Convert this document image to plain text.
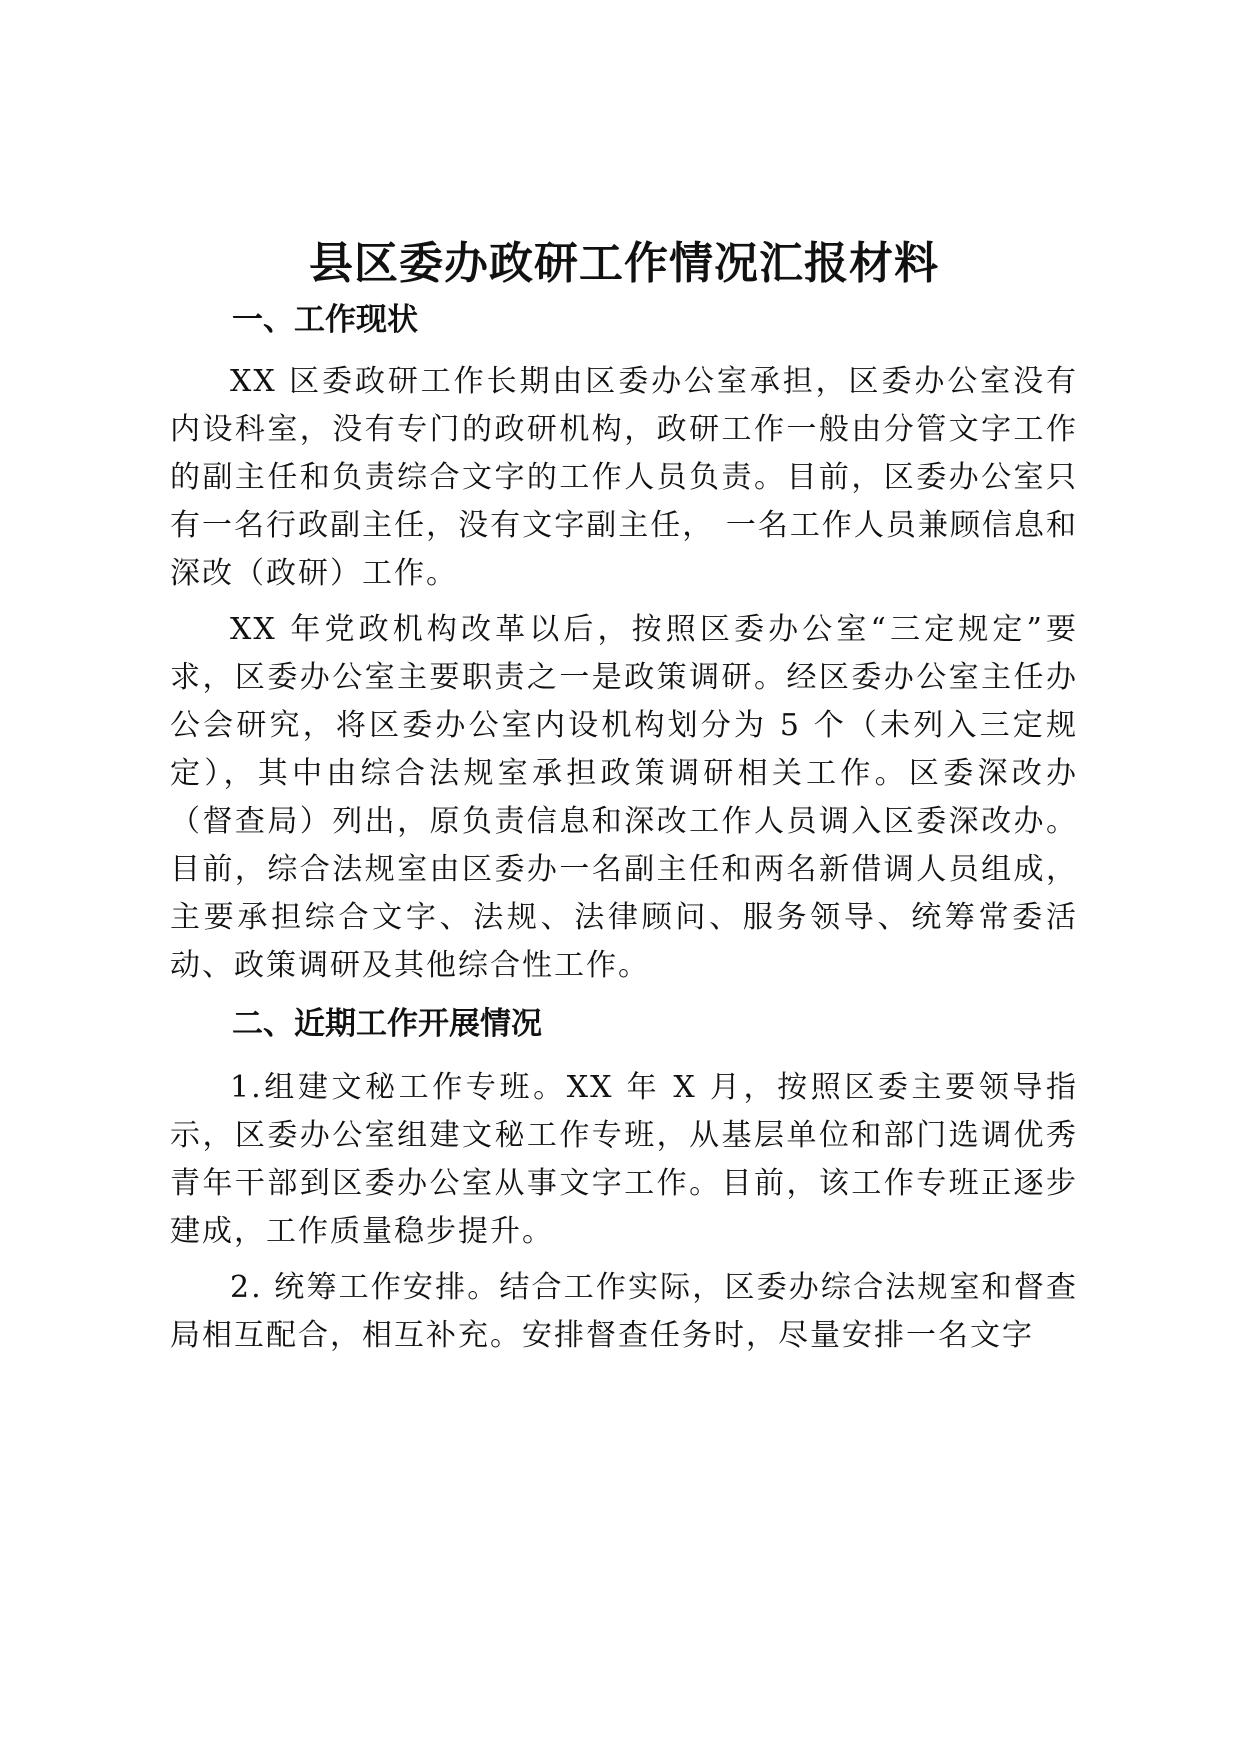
县区委办政研工作情况汇报材料
一、工作现状

XX 区委政研工作长期由区委办公室承担，区委办公室没有内设科室，没有专门的政研机构，政研工作一般由分管文字工作的副主任和负责综合文字的工作人员负责。目前，区委办公室只有一名行政副主任，没有文字副主任， 一名工作人员兼顾信息和深改（政研）工作。

XX 年党政机构改革以后，按照区委办公室“三定规定”要求，区委办公室主要职责之一是政策调研。经区委办公室主任办公会研究，将区委办公室内设机构划分为 5 个（未列入三定规定），其中由综合法规室承担政策调研相关工作。区委深改办（督查局）列出，原负责信息和深改工作人员调入区委深改办。目前，综合法规室由区委办一名副主任和两名新借调人员组成，主要承担综合文字、法规、法律顾问、服务领导、统筹常委活动、政策调研及其他综合性工作。

二、近期工作开展情况

1.组建文秘工作专班。XX 年 X 月，按照区委主要领导指示，区委办公室组建文秘工作专班，从基层单位和部门选调优秀青年干部到区委办公室从事文字工作。目前，该工作专班正逐步建成，工作质量稳步提升。

2. 统筹工作安排。结合工作实际，区委办综合法规室和督查局相互配合，相互补充。安排督查任务时，尽量安排一名文字
